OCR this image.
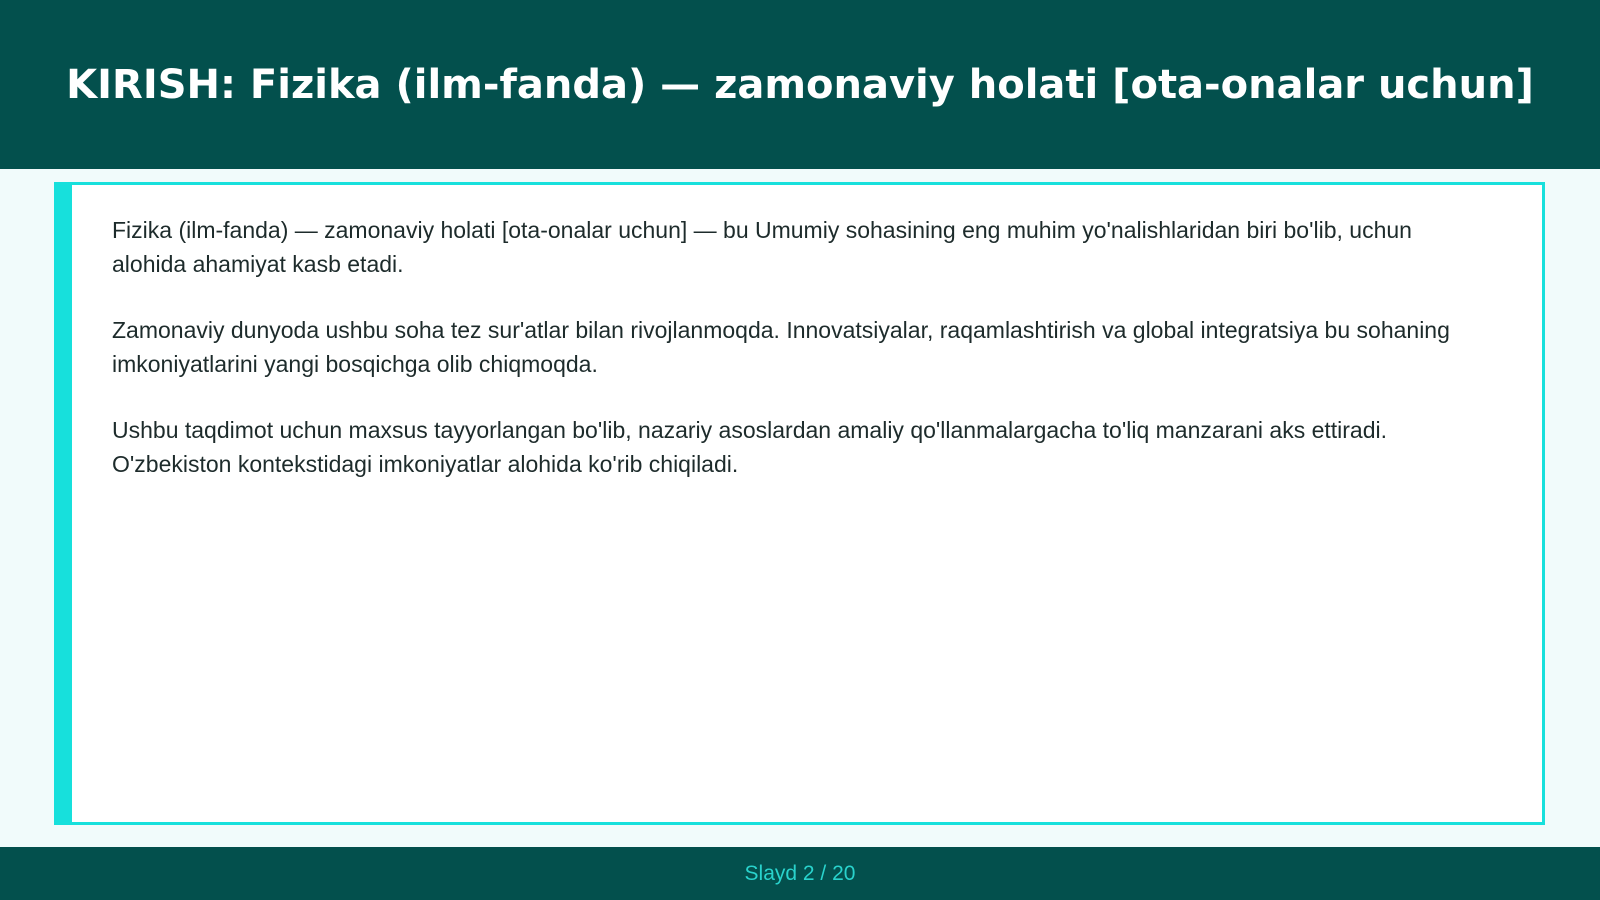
KIRISH: Fizika (ilm-fanda) — zamonaviy holati [ota-onalar uchun]

Fizika (ilm-fanda) — zamonaviy holati [ota-onalar uchun] — bu Umumiy sohasining eng muhim yo'nalishlaridan biri bo'lib, uchun alohida ahamiyat kasb etadi.

Zamonaviy dunyoda ushbu soha tez sur'atlar bilan rivojlanmoqda. Innovatsiyalar, raqamlashtirish va global integratsiya bu sohaning imkoniyatlarini yangi bosqichga olib chiqmoqda.

Ushbu taqdimot uchun maxsus tayyorlangan bo'lib, nazariy asoslardan amaliy qo'llanmalargacha to'liq manzarani aks ettiradi. O'zbekiston kontekstidagi imkoniyatlar alohida ko'rib chiqiladi.

Slayd 2 / 20
